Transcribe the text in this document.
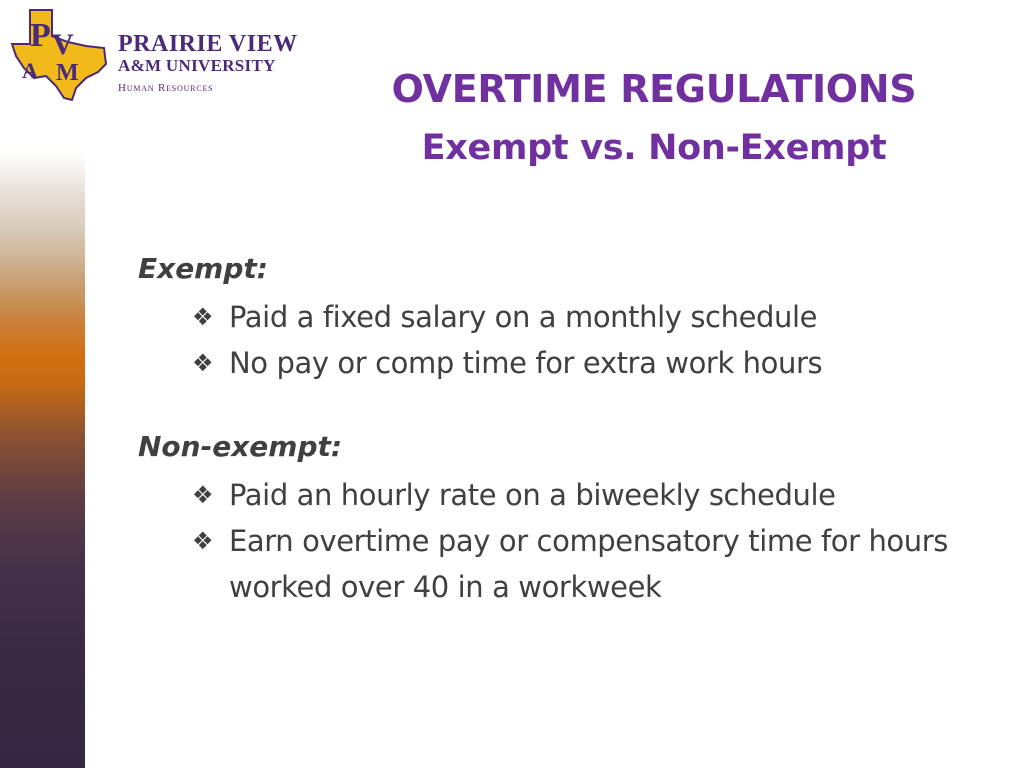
P V
A M
PRAIRIE VIEW
A&M UNIVERSITY
Human Resources	OVERTIME REGULATIONS
Exempt vs. Non-Exempt
Exempt:
❖ Paid a fixed salary on a monthly schedule
❖ No pay or comp time for extra work hours
Non-exempt:
❖ Paid an hourly rate on a biweekly schedule
❖ Earn overtime pay or compensatory time for hours worked over 40 in a workweek
